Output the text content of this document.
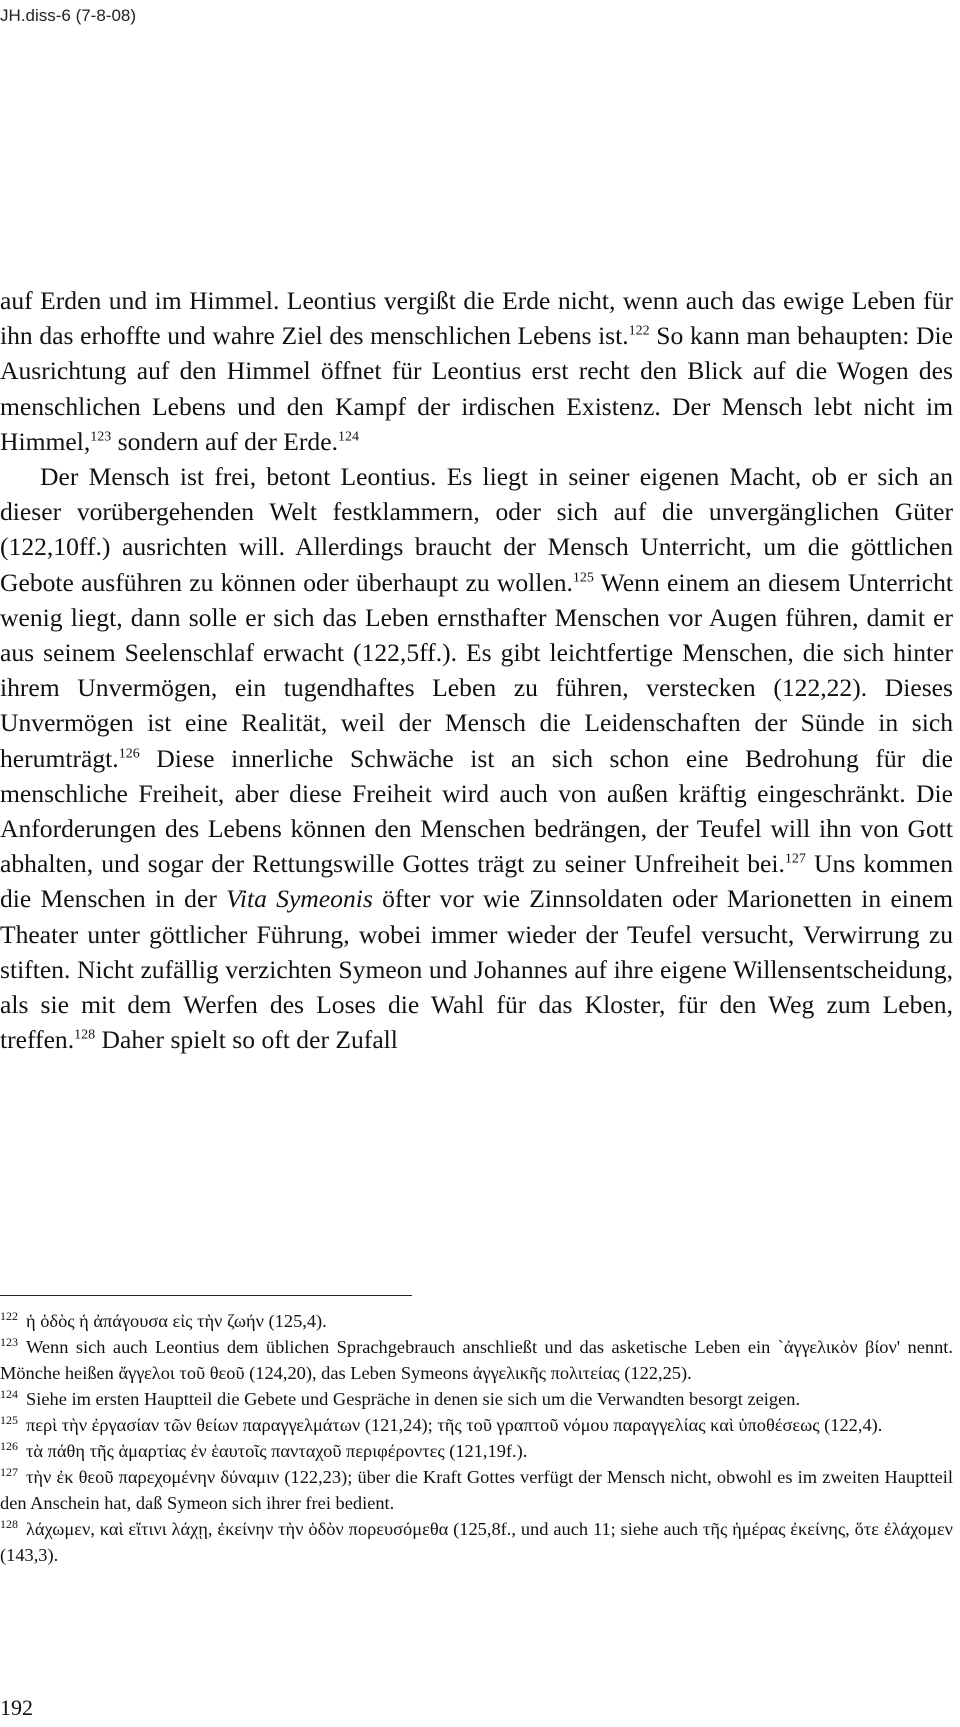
JH.diss-6 (7-8-08)

auf Erden und im Himmel. Leontius vergißt die Erde nicht, wenn auch das ewige Leben für ihn das erhoffte und wahre Ziel des menschlichen Lebens ist.$^{122}$ So kann man behaupten: Die Ausrichtung auf den Himmel öffnet für Leontius erst recht den Blick auf die Wogen des menschlichen Lebens und den Kampf der irdischen Existenz. Der Mensch lebt nicht im Himmel,$^{123}$ sondern auf der Erde.$^{124}$

Der Mensch ist frei, betont Leontius. Es liegt in seiner eigenen Macht, ob er sich an dieser vorübergehenden Welt festklammern, oder sich auf die unvergänglichen Güter (122,10ff.) ausrichten will. Allerdings braucht der Mensch Unterricht, um die göttlichen Gebote ausführen zu können oder überhaupt zu wollen.$^{125}$ Wenn einem an diesem Unterricht wenig liegt, dann solle er sich das Leben ernsthafter Menschen vor Augen führen, damit er aus seinem Seelenschlaf erwacht (122,5ff.). Es gibt leichtfertige Menschen, die sich hinter ihrem Unvermögen, ein tugendhaftes Leben zu führen, verstecken (122,22). Dieses Unvermögen ist eine Realität, weil der Mensch die Leidenschaften der Sünde in sich herumträgt.$^{126}$ Diese innerliche Schwäche ist an sich schon eine Bedrohung für die menschliche Freiheit, aber diese Freiheit wird auch von außen kräftig eingeschränkt. Die Anforderungen des Lebens können den Menschen bedrängen, der Teufel will ihn von Gott abhalten, und sogar der Rettungswille Gottes trägt zu seiner Unfreiheit bei.$^{127}$ Uns kommen die Menschen in der Vita Symeonis öfter vor wie Zinnsoldaten oder Marionetten in einem Theater unter göttlicher Führung, wobei immer wieder der Teufel versucht, Verwirrung zu stiften. Nicht zufällig verzichten Symeon und Johannes auf ihre eigene Willensentscheidung, als sie mit dem Werfen des Loses die Wahl für das Kloster, für den Weg zum Leben, treffen.$^{128}$ Daher spielt so oft der Zufall

$^{122}$ ἡ ὁδὸς ἡ ἀπάγουσα εἰς τὴν ζωήν (125,4).

$^{123}$ Wenn sich auch Leontius dem üblichen Sprachgebrauch anschließt und das asketische Leben ein `ἀγγελικὸν βίον' nennt. Mönche heißen ἄγγελοι τοῦ θεοῦ (124,20), das Leben Symeons ἀγγελικῆς πολιτείας (122,25).

$^{124}$ Siehe im ersten Hauptteil die Gebete und Gespräche in denen sie sich um die Verwandten besorgt zeigen.

$^{125}$ περὶ τὴν ἐργασίαν τῶν θείων παραγγελμάτων (121,24); τῆς τοῦ γραπτοῦ νόμου παραγγελίας καὶ ὑποθέσεως (122,4).

$^{126}$ τὰ πάθη τῆς ἁμαρτίας ἐν ἑαυτοῖς πανταχοῦ περιφέροντες (121,19f.).

$^{127}$ τὴν ἐκ θεοῦ παρεχομένην δύναμιν (122,23); über die Kraft Gottes verfügt der Mensch nicht, obwohl es im zweiten Hauptteil den Anschein hat, daß Symeon sich ihrer frei bedient.

$^{128}$ λάχωμεν, καὶ εἴτινι λάχῃ, ἐκείνην τὴν ὁδὸν πορευσόμεθα (125,8f., und auch 11; siehe auch τῆς ἡμέρας ἐκείνης, ὅτε ἐλάχομεν (143,3).

192
